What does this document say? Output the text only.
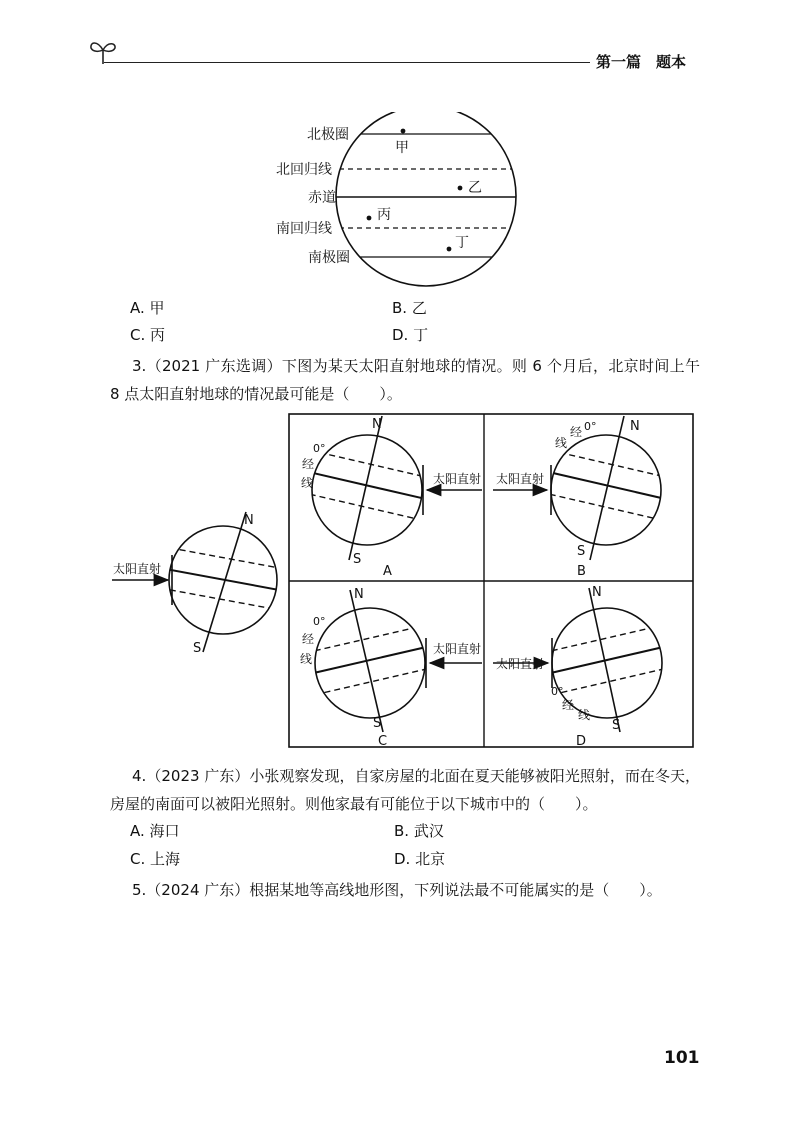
第一篇　题本
北极圈
北回归线
赤道
南回归线
南极圈
甲
乙
丙
丁
A. 甲	B. 乙
C. 丙	D. 丁
3.（2021 广东选调）下图为某天太阳直射地球的情况。则 6 个月后，北京时间上午 8 点太阳直射地球的情况最可能是（　　）。
太阳直射
N
S
N
S
0°
经
线	太阳直射
A
N
S
0°
经
线
太阳直射
B
N
S
0°
经
线
太阳直射
C
N
S
0°
经
线
太阳直射
D
4.（2023 广东）小张观察发现，自家房屋的北面在夏天能够被阳光照射，而在冬天，房屋的南面可以被阳光照射。则他家最有可能位于以下城市中的（　　）。
A. 海口	B. 武汉
C. 上海	D. 北京
5.（2024 广东）根据某地等高线地形图，下列说法最不可能属实的是（　　）。
101
